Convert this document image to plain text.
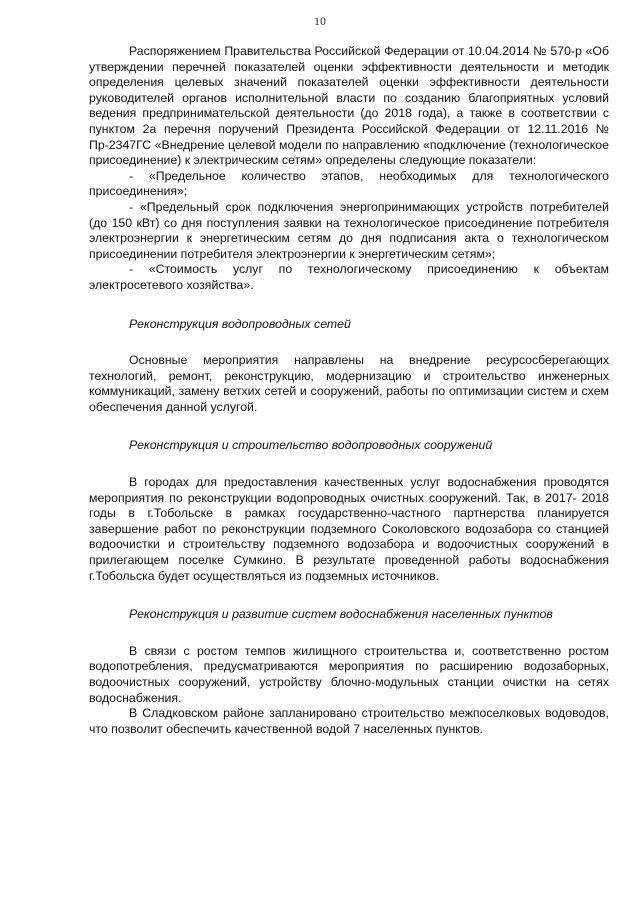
10

Распоряжением Правительства Российской Федерации от 10.04.2014 № 570-р «Об утверждении перечней показателей оценки эффективности деятельности и методик определения целевых значений показателей оценки эффективности деятельности руководителей органов исполнительной власти по созданию благоприятных условий ведения предпринимательской деятельности (до 2018 года), а также в соответствии с пунктом 2а перечня поручений Президента Российской Федерации от 12.11.2016 № Пр-2347ГС «Внедрение целевой модели по направлению «подключение (технологическое присоединение) к электрическим сетям» определены следующие показатели:

- «Предельное количество этапов, необходимых для технологического присоединения»;

- «Предельный срок подключения энергопринимающих устройств потребителей (до 150 кВт) со дня поступления заявки на технологическое присоединение потребителя электроэнергии к энергетическим сетям до дня подписания акта о технологическом присоединении потребителя электроэнергии к энергетическим сетям»;

- «Стоимость услуг по технологическому присоединению к объектам электросетевого хозяйства».

Реконструкция водопроводных сетей

Основные мероприятия направлены на внедрение ресурсосберегающих технологий, ремонт, реконструкцию, модернизацию и строительство инженерных коммуникаций, замену ветхих сетей и сооружений, работы по оптимизации систем и схем обеспечения данной услугой.

Реконструкция и строительство водопроводных сооружений

В городах для предоставления качественных услуг водоснабжения проводятся мероприятия по реконструкции водопроводных очистных сооружений. Так, в 2017- 2018 годы в г.Тобольске в рамках государственно-частного партнерства планируется завершение работ по реконструкции подземного Соколовского водозабора со станцией водоочистки и строительству подземного водозабора и водоочистных сооружений в прилегающем поселке Сумкино. В результате проведенной работы водоснабжения г.Тобольска будет осуществляться из подземных источников.

Реконструкция и развитие систем водоснабжения населенных пунктов

В связи с ростом темпов жилищного строительства и, соответственно ростом водопотребления, предусматриваются мероприятия по расширению водозаборных, водоочистных сооружений, устройству блочно-модульных станции очистки на сетях водоснабжения.

В Сладковском районе запланировано строительство межпоселковых водоводов, что позволит обеспечить качественной водой 7 населенных пунктов.
